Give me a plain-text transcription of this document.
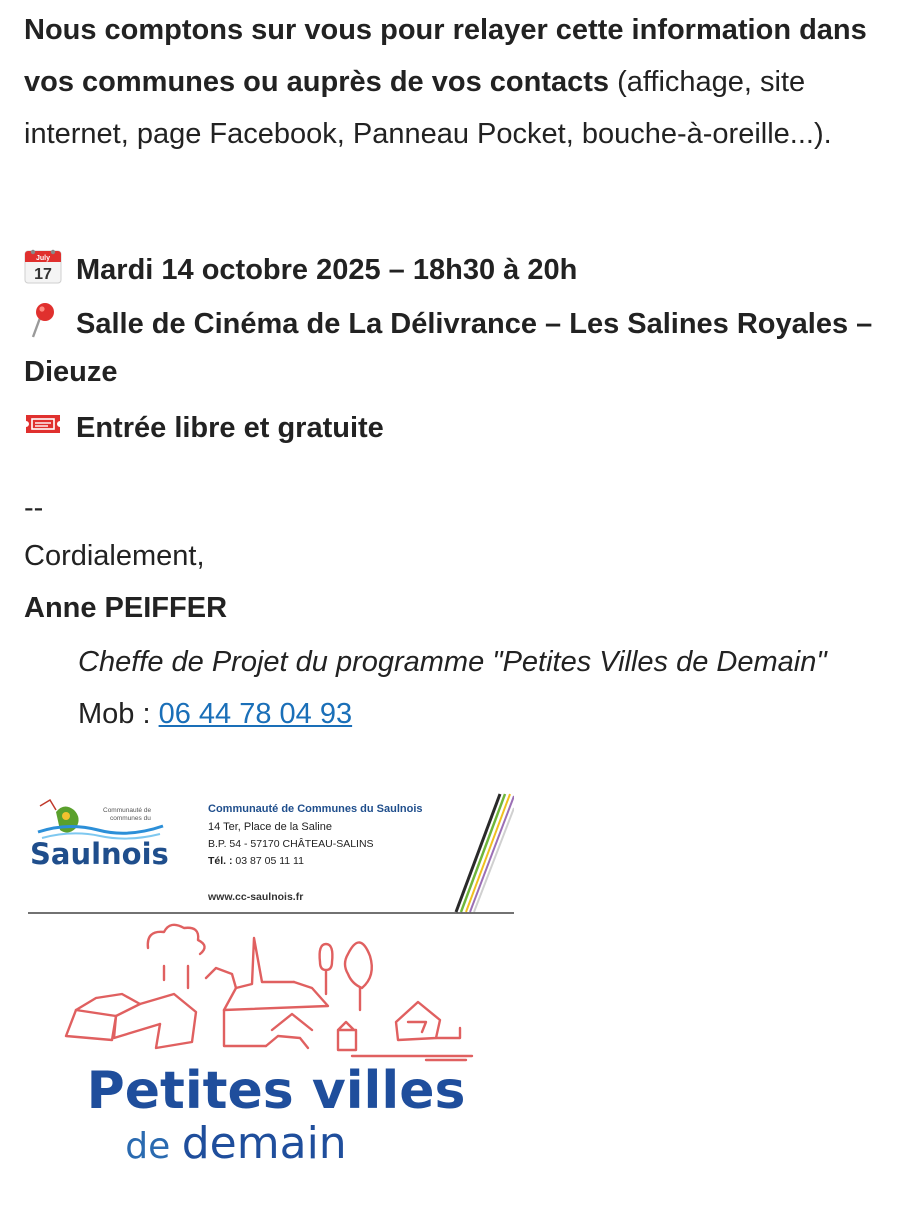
Nous comptons sur vous pour relayer cette information dans
vos communes ou auprès de vos contacts (affichage, site
internet, page Facebook, Panneau Pocket, bouche-à-oreille...).
July
17 Mardi 14 octobre 2025 – 18h30 à 20h
Salle de Cinéma de La Délivrance – Les Salines Royales –
Dieuze
Entrée libre et gratuite
--
Cordialement,
Anne PEIFFER
Cheffe de Projet du programme "Petites Villes de Demain"
Mob : 06 44 78 04 93
Communauté de
communes du
Saulnois
Communauté de Communes du Saulnois
14 Ter, Place de la Saline
B.P. 54 - 57170 CHÂTEAU-SALINS
Tél. : 03 87 05 11 11
www.cc-saulnois.fr
Petites villes
de demain
